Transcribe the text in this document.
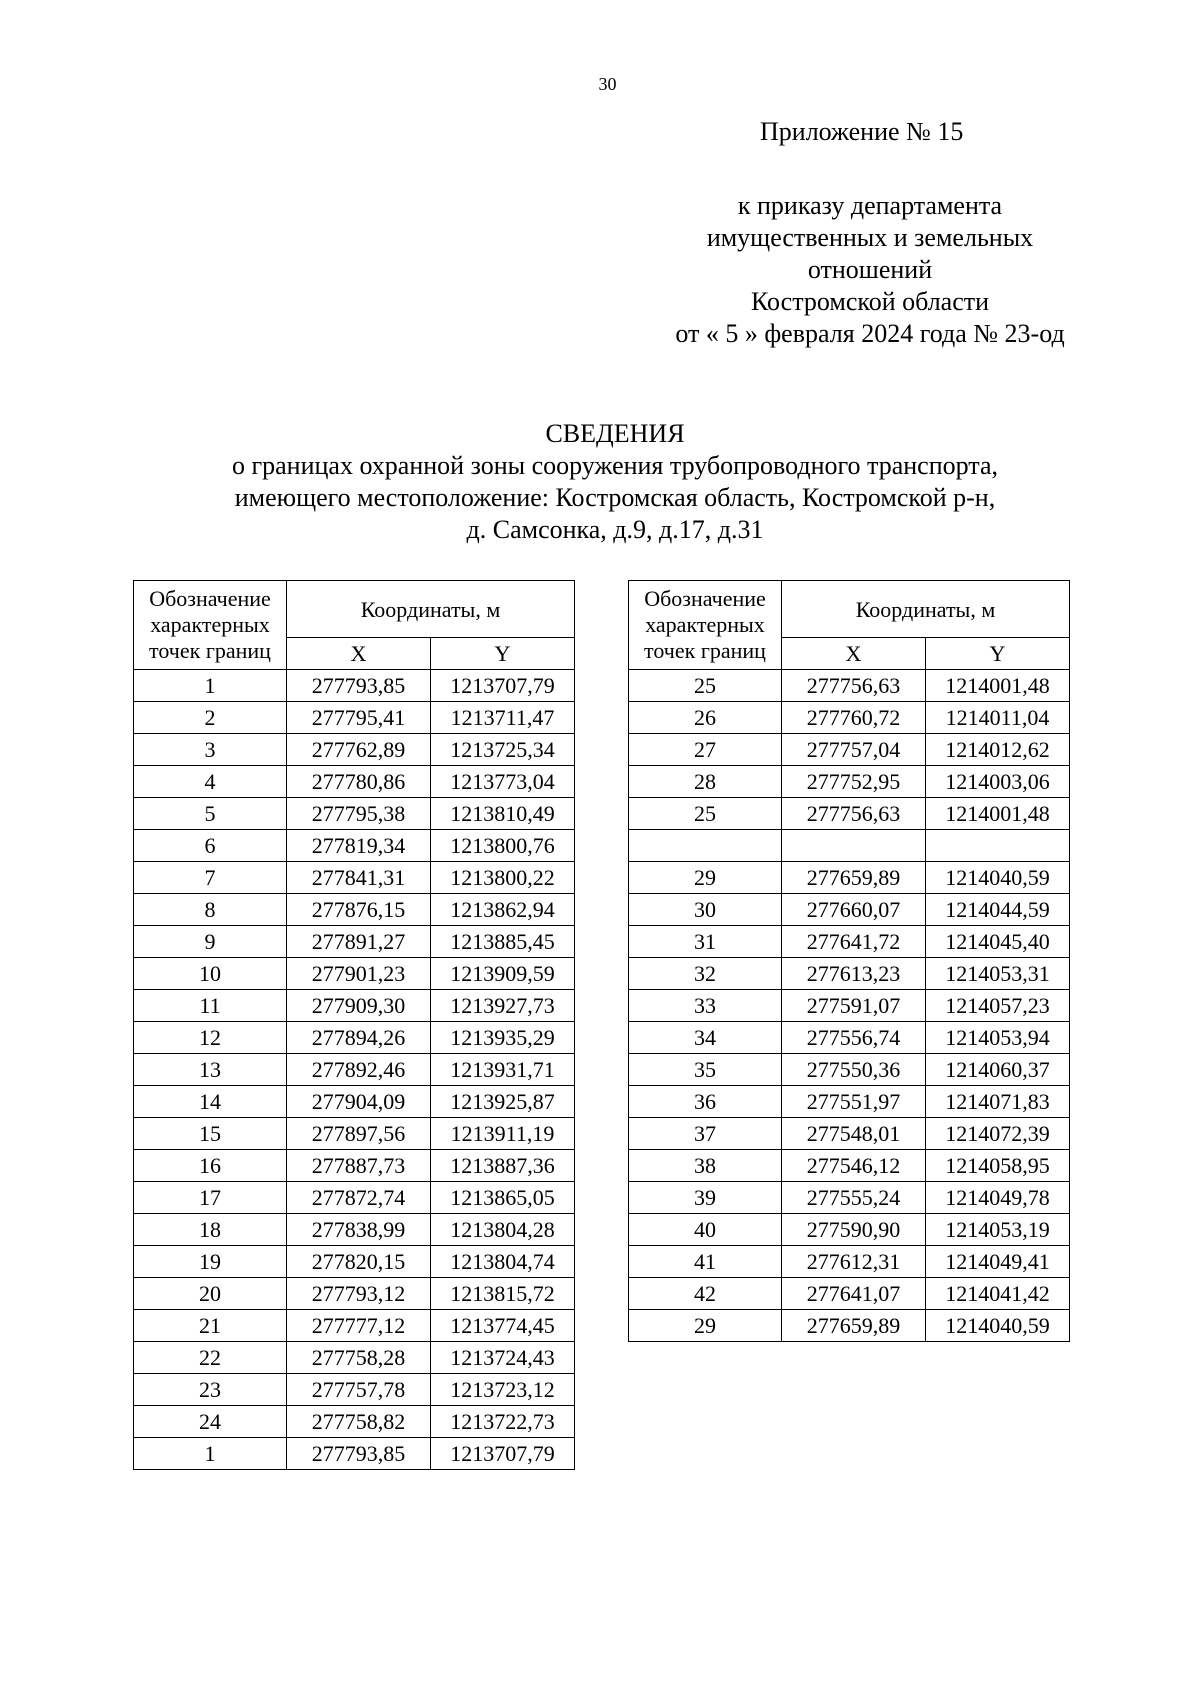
30
Приложение № 15
к приказу департамента
имущественных и земельных
отношений
Костромской области
от « 5 » февраля 2024 года № 23-од
СВЕДЕНИЯ
о границах охранной зоны сооружения трубопроводного транспорта,
имеющего местоположение: Костромская область, Костромской р-н,
д. Самсонка, д.9, д.17, д.31
Обозначение
характерных
точек границ	Координаты, м	
	X	Y
1	277793,85	1213707,79
2	277795,41	1213711,47
3	277762,89	1213725,34
4	277780,86	1213773,04
5	277795,38	1213810,49
6	277819,34	1213800,76
7	277841,31	1213800,22
8	277876,15	1213862,94
9	277891,27	1213885,45
10	277901,23	1213909,59
11	277909,30	1213927,73
12	277894,26	1213935,29
13	277892,46	1213931,71
14	277904,09	1213925,87
15	277897,56	1213911,19
16	277887,73	1213887,36
17	277872,74	1213865,05
18	277838,99	1213804,28
19	277820,15	1213804,74
20	277793,12	1213815,72
21	277777,12	1213774,45
22	277758,28	1213724,43
23	277757,78	1213723,12
24	277758,82	1213722,73
1	277793,85	1213707,79
Обозначение
характерных
точек границ	Координаты, м	
	X	Y
25	277756,63	1214001,48
26	277760,72	1214011,04
27	277757,04	1214012,62
28	277752,95	1214003,06
25	277756,63	1214001,48

29	277659,89	1214040,59
30	277660,07	1214044,59
31	277641,72	1214045,40
32	277613,23	1214053,31
33	277591,07	1214057,23
34	277556,74	1214053,94
35	277550,36	1214060,37
36	277551,97	1214071,83
37	277548,01	1214072,39
38	277546,12	1214058,95
39	277555,24	1214049,78
40	277590,90	1214053,19
41	277612,31	1214049,41
42	277641,07	1214041,42
29	277659,89	1214040,59
